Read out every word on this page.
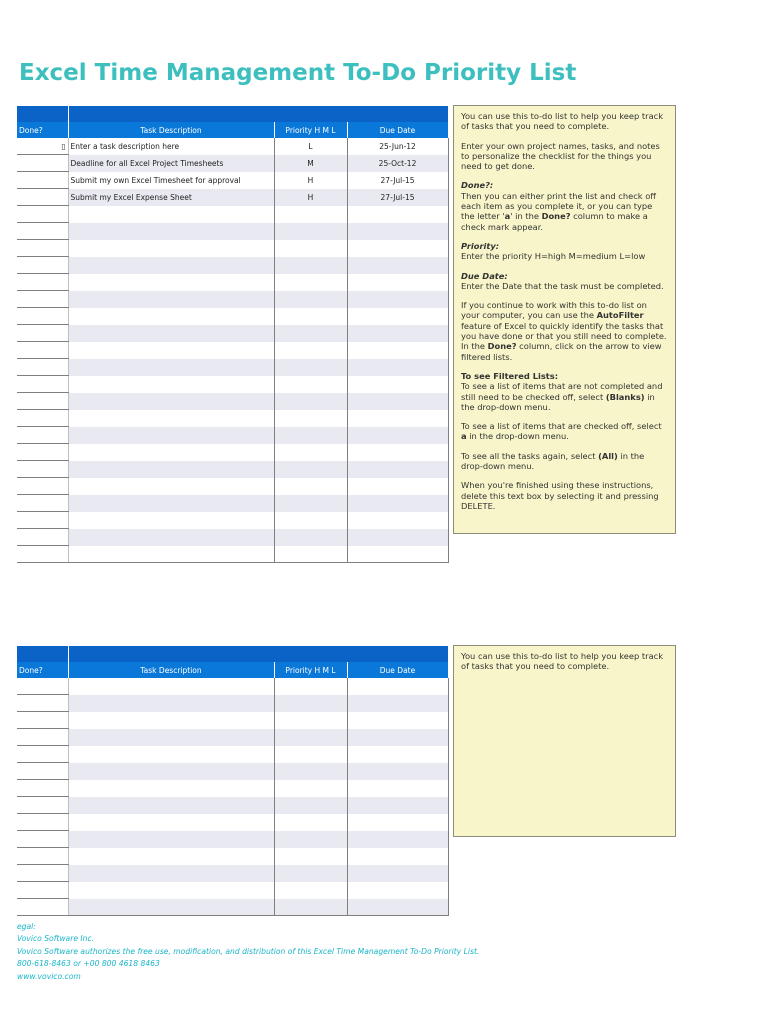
Excel Time Management To-Do Priority List

Done?	Task Description	Priority H M L	Due Date
▯	Enter a task description here	L	25-Jun-12
	Deadline for all Excel Project Timesheets	M	25-Oct-12
	Submit my own Excel Timesheet for approval	H	27-Jul-15
	Submit my Excel Expense Sheet	H	27-Jul-15

You can use this to-do list to help you keep track of tasks that you need to complete.

Enter your own project names, tasks, and notes to personalize the checklist for the things you need to get done.

Done?:
Then you can either print the list and check off each item as you complete it, or you can type the letter 'a' in the Done? column to make a check mark appear.

Priority:
Enter the priority H=high M=medium L=low

Due Date:
Enter the Date that the task must be completed.

If you continue to work with this to-do list on your computer, you can use the AutoFilter feature of Excel to quickly identify the tasks that you have done or that you still need to complete. In the Done? column, click on the arrow to view filtered lists.

To see Filtered Lists:
To see a list of items that are not completed and still need to be checked off, select (Blanks) in the drop-down menu.

To see a list of items that are checked off, select a in the drop-down menu.

To see all the tasks again, select (All) in the drop-down menu.

When you're finished using these instructions, delete this text box by selecting it and pressing DELETE.

Done?	Task Description	Priority H M L	Due Date

You can use this to-do list to help you keep track of tasks that you need to complete.

egal:
Vovico Software Inc.
Vovico Software authorizes the free use, modification, and distribution of this Excel Time Management To-Do Priority List.
800-618-8463 or +00 800 4618 8463
www.vovico.com
